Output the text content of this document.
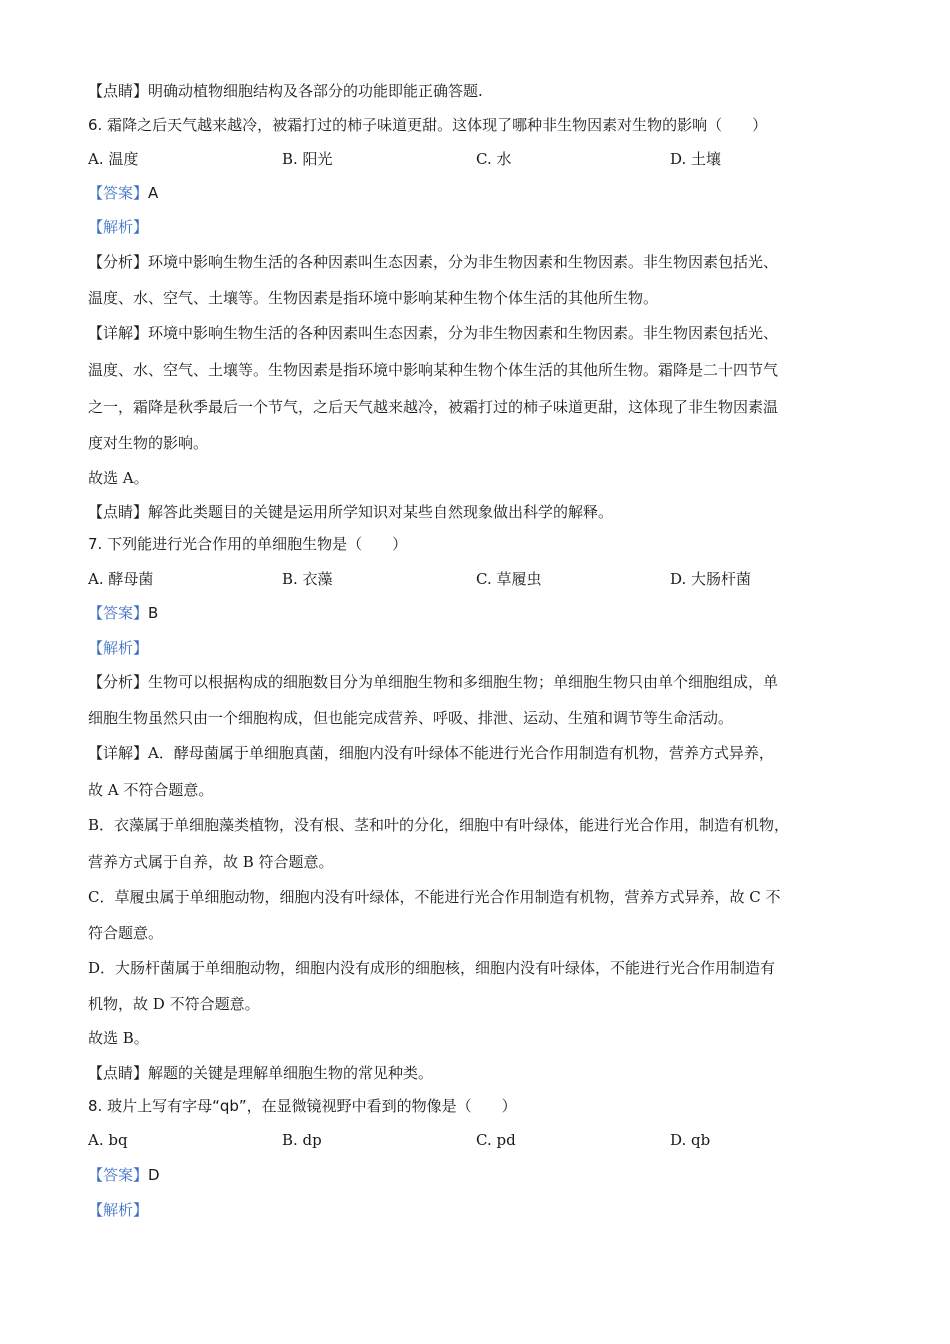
【点睛】明确动植物细胞结构及各部分的功能即能正确答题.
6. 霜降之后天气越来越冷，被霜打过的柿子味道更甜。这体现了哪种非生物因素对生物的影响（　　）
A. 温度	B. 阳光	C. 水	D. 土壤
【答案】A
【解析】
【分析】环境中影响生物生活的各种因素叫生态因素，分为非生物因素和生物因素。非生物因素包括光、
温度、水、空气、土壤等。生物因素是指环境中影响某种生物个体生活的其他所生物。
【详解】环境中影响生物生活的各种因素叫生态因素，分为非生物因素和生物因素。非生物因素包括光、
温度、水、空气、土壤等。生物因素是指环境中影响某种生物个体生活的其他所生物。霜降是二十四节气
之一，霜降是秋季最后一个节气，之后天气越来越冷，被霜打过的柿子味道更甜，这体现了非生物因素温
度对生物的影响。
故选 A。
【点睛】解答此类题目的关键是运用所学知识对某些自然现象做出科学的解释。
7. 下列能进行光合作用的单细胞生物是（　　）
A. 酵母菌	B. 衣藻	C. 草履虫	D. 大肠杆菌
【答案】B
【解析】
【分析】生物可以根据构成的细胞数目分为单细胞生物和多细胞生物；单细胞生物只由单个细胞组成，单
细胞生物虽然只由一个细胞构成，但也能完成营养、呼吸、排泄、运动、生殖和调节等生命活动。
【详解】A．酵母菌属于单细胞真菌，细胞内没有叶绿体不能进行光合作用制造有机物，营养方式异养，
故 A 不符合题意。
B．衣藻属于单细胞藻类植物，没有根、茎和叶的分化，细胞中有叶绿体，能进行光合作用，制造有机物，
营养方式属于自养，故 B 符合题意。
C．草履虫属于单细胞动物，细胞内没有叶绿体，不能进行光合作用制造有机物，营养方式异养，故 C 不
符合题意。
D．大肠杆菌属于单细胞动物，细胞内没有成形的细胞核，细胞内没有叶绿体，不能进行光合作用制造有
机物，故 D 不符合题意。
故选 B。
【点睛】解题的关键是理解单细胞生物的常见种类。
8. 玻片上写有字母“qb”，在显微镜视野中看到的物像是（　　）
A. bq	B. dp	C. pd	D. qb
【答案】D
【解析】
